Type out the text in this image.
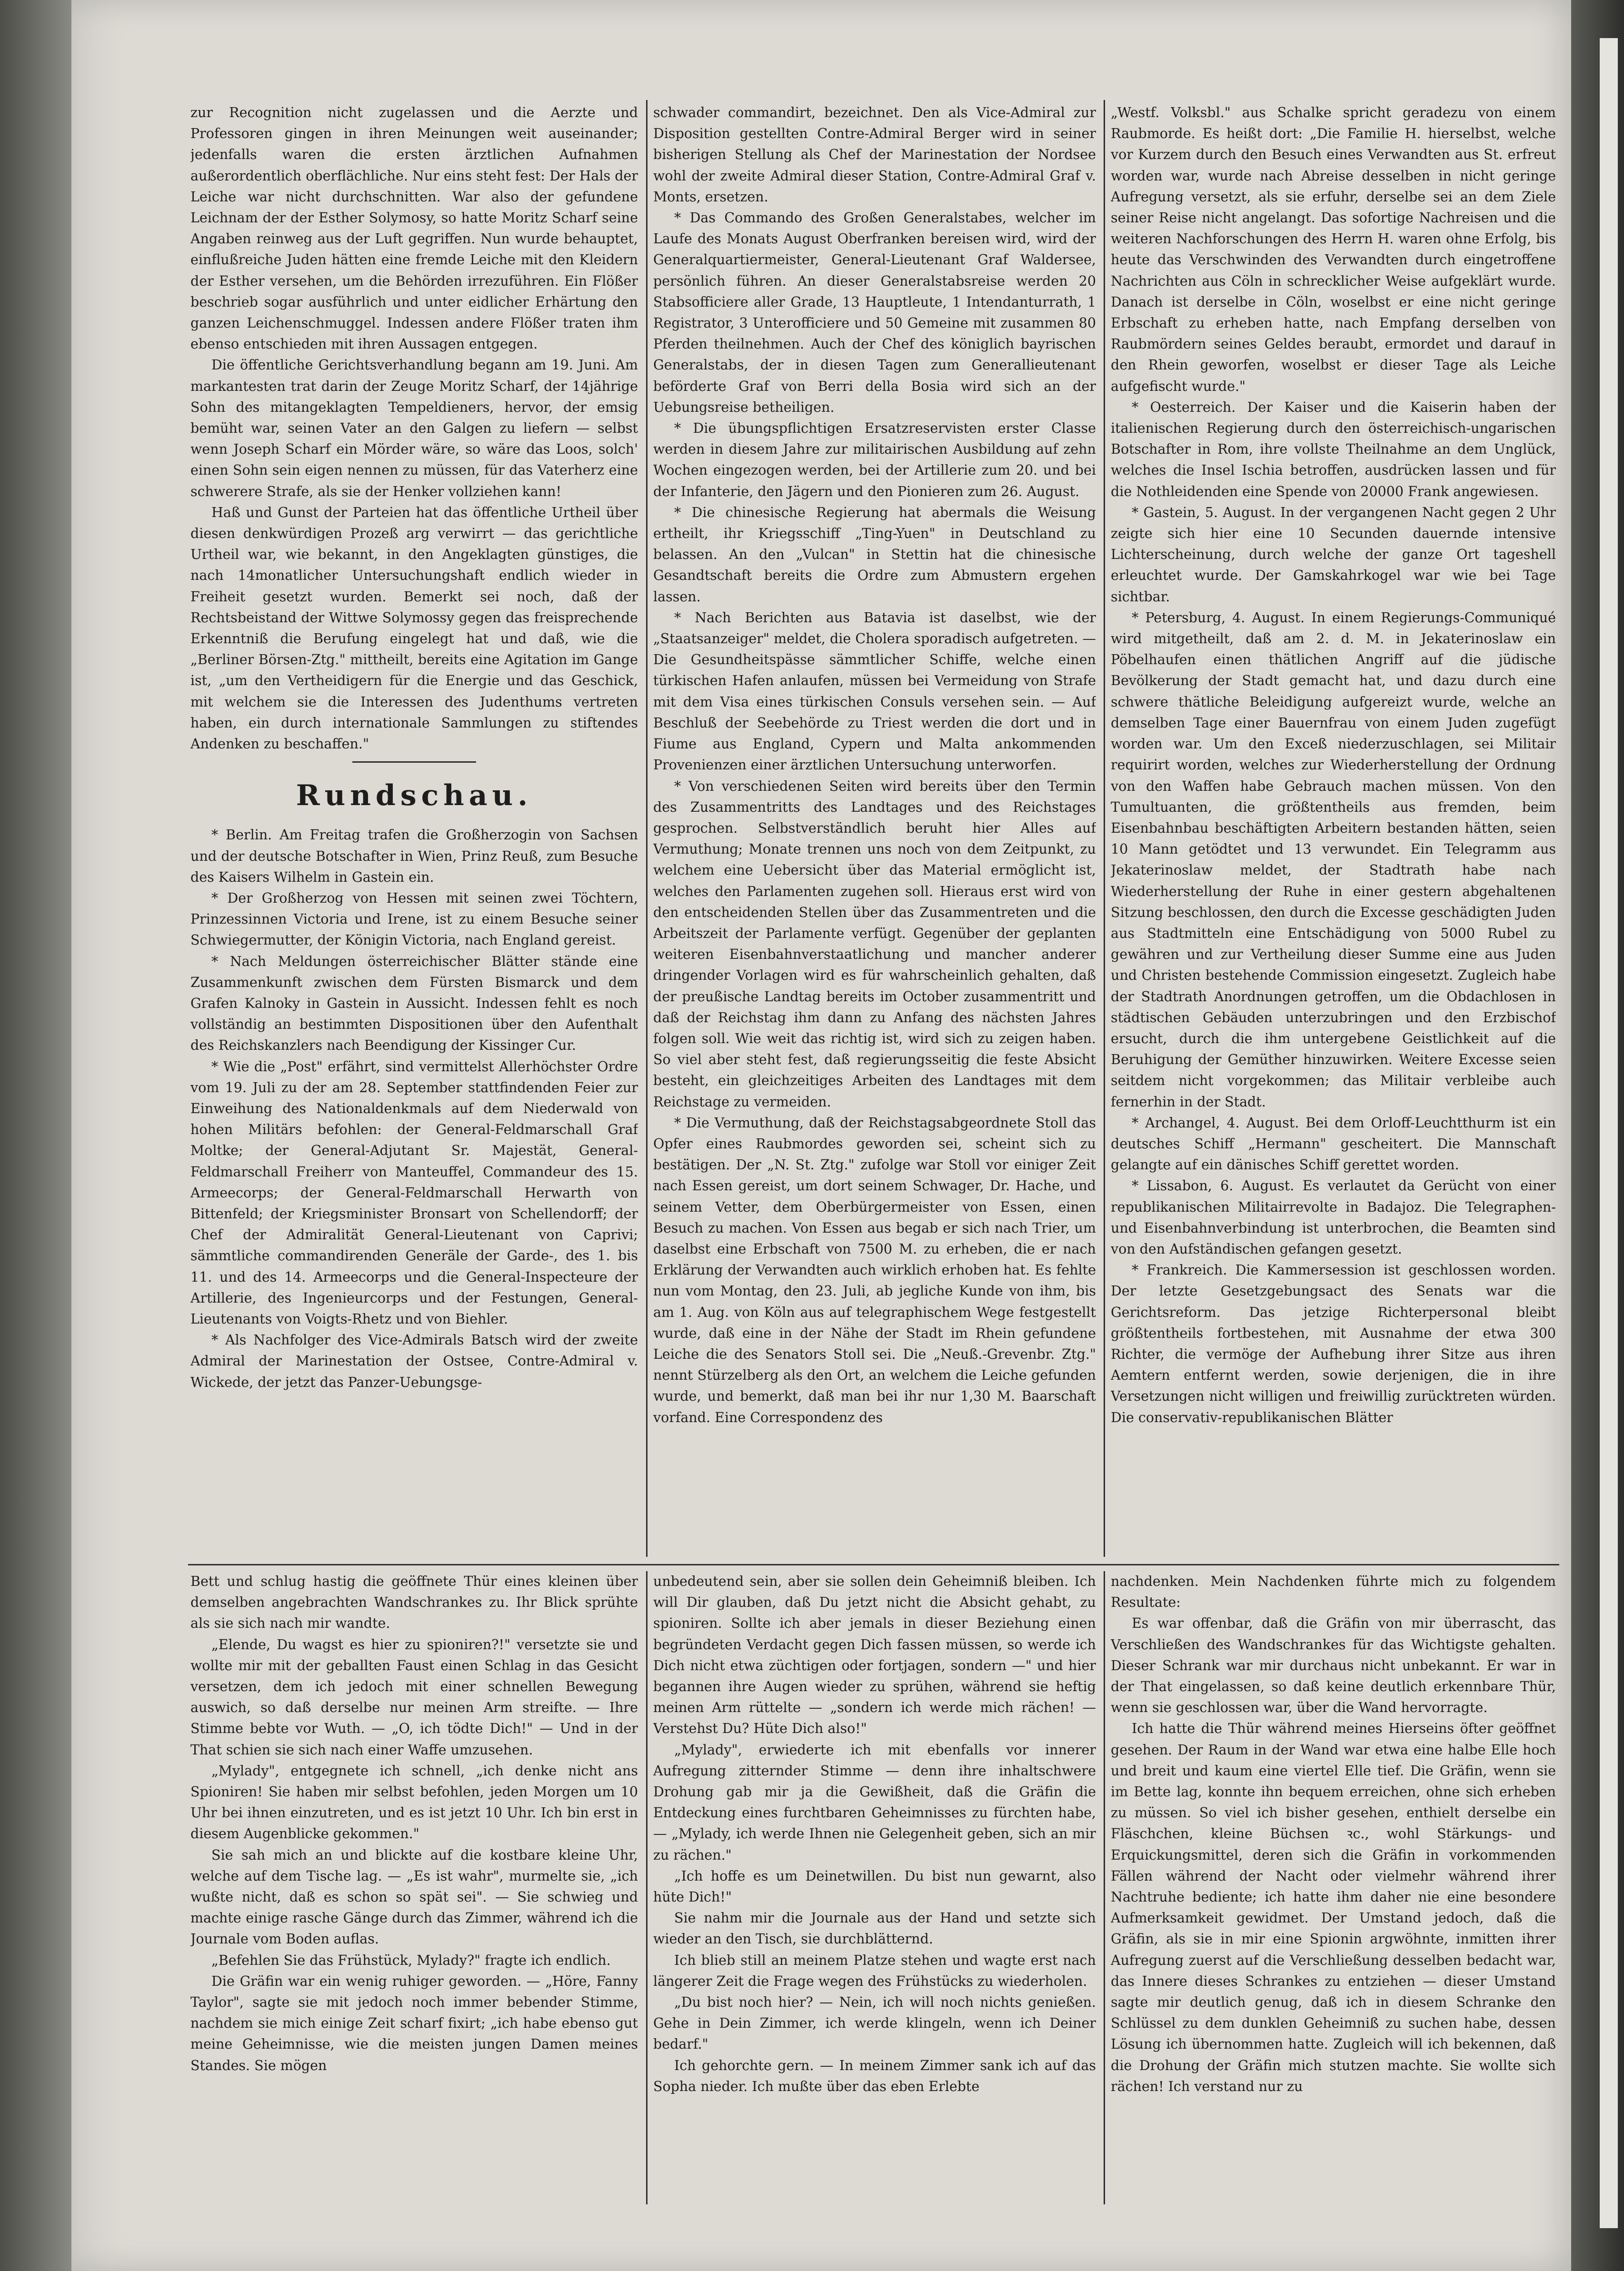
zur Recognition nicht zugelassen und die Aerzte und Professoren gingen in ihren Meinungen weit auseinander; jedenfalls waren die ersten ärztlichen Aufnahmen außerordentlich oberflächliche. Nur eins steht fest: Der Hals der Leiche war nicht durchschnitten. War also der gefundene Leichnam der der Esther Solymosy, so hatte Moritz Scharf seine Angaben reinweg aus der Luft gegriffen. Nun wurde behauptet, einflußreiche Juden hätten eine fremde Leiche mit den Kleidern der Esther versehen, um die Behörden irrezuführen. Ein Flößer beschrieb sogar ausführlich und unter eidlicher Erhärtung den ganzen Leichenschmuggel. Indessen andere Flößer traten ihm ebenso entschieden mit ihren Aussagen entgegen.

Die öffentliche Gerichtsverhandlung begann am 19. Juni. Am markantesten trat darin der Zeuge Moritz Scharf, der 14jährige Sohn des mitangeklagten Tempeldieners, hervor, der emsig bemüht war, seinen Vater an den Galgen zu liefern — selbst wenn Joseph Scharf ein Mörder wäre, so wäre das Loos, solch' einen Sohn sein eigen nennen zu müssen, für das Vaterherz eine schwerere Strafe, als sie der Henker vollziehen kann!

Haß und Gunst der Parteien hat das öffentliche Urtheil über diesen denkwürdigen Prozeß arg verwirrt — das gerichtliche Urtheil war, wie bekannt, in den Angeklagten günstiges, die nach 14monatlicher Untersuchungshaft endlich wieder in Freiheit gesetzt wurden. Bemerkt sei noch, daß der Rechtsbeistand der Wittwe Solymossy gegen das freisprechende Erkenntniß die Berufung eingelegt hat und daß, wie die „Berliner Börsen-Ztg." mittheilt, bereits eine Agitation im Gange ist, „um den Vertheidigern für die Energie und das Geschick, mit welchem sie die Interessen des Judenthums vertreten haben, ein durch internationale Sammlungen zu stiftendes Andenken zu beschaffen."

Rundschau.

* Berlin. Am Freitag trafen die Großherzogin von Sachsen und der deutsche Botschafter in Wien, Prinz Reuß, zum Besuche des Kaisers Wilhelm in Gastein ein.

* Der Großherzog von Hessen mit seinen zwei Töchtern, Prinzessinnen Victoria und Irene, ist zu einem Besuche seiner Schwiegermutter, der Königin Victoria, nach England gereist.

* Nach Meldungen österreichischer Blätter stände eine Zusammenkunft zwischen dem Fürsten Bismarck und dem Grafen Kalnoky in Gastein in Aussicht. Indessen fehlt es noch vollständig an bestimmten Dispositionen über den Aufenthalt des Reichskanzlers nach Beendigung der Kissinger Cur.

* Wie die „Post" erfährt, sind vermittelst Allerhöchster Ordre vom 19. Juli zu der am 28. September stattfindenden Feier zur Einweihung des Nationaldenkmals auf dem Niederwald von hohen Militärs befohlen: der General-Feldmarschall Graf Moltke; der General-Adjutant Sr. Majestät, General-Feldmarschall Freiherr von Manteuffel, Commandeur des 15. Armeecorps; der General-Feldmarschall Herwarth von Bittenfeld; der Kriegsminister Bronsart von Schellendorff; der Chef der Admiralität General-Lieutenant von Caprivi; sämmtliche commandirenden Generäle der Garde-, des 1. bis 11. und des 14. Armeecorps und die General-Inspecteure der Artillerie, des Ingenieurcorps und der Festungen, General-Lieutenants von Voigts-Rhetz und von Biehler.

* Als Nachfolger des Vice-Admirals Batsch wird der zweite Admiral der Marinestation der Ostsee, Contre-Admiral v. Wickede, der jetzt das Panzer-Uebungsge-

schwader commandirt, bezeichnet. Den als Vice-Admiral zur Disposition gestellten Contre-Admiral Berger wird in seiner bisherigen Stellung als Chef der Marinestation der Nordsee wohl der zweite Admiral dieser Station, Contre-Admiral Graf v. Monts, ersetzen.

* Das Commando des Großen Generalstabes, welcher im Laufe des Monats August Oberfranken bereisen wird, wird der Generalquartiermeister, General-Lieutenant Graf Waldersee, persönlich führen. An dieser Generalstabsreise werden 20 Stabsofficiere aller Grade, 13 Hauptleute, 1 Intendanturrath, 1 Registrator, 3 Unterofficiere und 50 Gemeine mit zusammen 80 Pferden theilnehmen. Auch der Chef des königlich bayrischen Generalstabs, der in diesen Tagen zum Generallieutenant beförderte Graf von Berri della Bosia wird sich an der Uebungsreise betheiligen.

* Die übungspflichtigen Ersatzreservisten erster Classe werden in diesem Jahre zur militairischen Ausbildung auf zehn Wochen eingezogen werden, bei der Artillerie zum 20. und bei der Infanterie, den Jägern und den Pionieren zum 26. August.

* Die chinesische Regierung hat abermals die Weisung ertheilt, ihr Kriegsschiff „Ting-Yuen" in Deutschland zu belassen. An den „Vulcan" in Stettin hat die chinesische Gesandtschaft bereits die Ordre zum Abmustern ergehen lassen.

* Nach Berichten aus Batavia ist daselbst, wie der „Staatsanzeiger" meldet, die Cholera sporadisch aufgetreten. — Die Gesundheitspässe sämmtlicher Schiffe, welche einen türkischen Hafen anlaufen, müssen bei Vermeidung von Strafe mit dem Visa eines türkischen Consuls versehen sein. — Auf Beschluß der Seebehörde zu Triest werden die dort und in Fiume aus England, Cypern und Malta ankommenden Provenienzen einer ärztlichen Untersuchung unterworfen.

* Von verschiedenen Seiten wird bereits über den Termin des Zusammentritts des Landtages und des Reichstages gesprochen. Selbstverständlich beruht hier Alles auf Vermuthung; Monate trennen uns noch von dem Zeitpunkt, zu welchem eine Uebersicht über das Material ermöglicht ist, welches den Parlamenten zugehen soll. Hieraus erst wird von den entscheidenden Stellen über das Zusammentreten und die Arbeitszeit der Parlamente verfügt. Gegenüber der geplanten weiteren Eisenbahnverstaatlichung und mancher anderer dringender Vorlagen wird es für wahrscheinlich gehalten, daß der preußische Landtag bereits im October zusammentritt und daß der Reichstag ihm dann zu Anfang des nächsten Jahres folgen soll. Wie weit das richtig ist, wird sich zu zeigen haben. So viel aber steht fest, daß regierungsseitig die feste Absicht besteht, ein gleichzeitiges Arbeiten des Landtages mit dem Reichstage zu vermeiden.

* Die Vermuthung, daß der Reichstagsabgeordnete Stoll das Opfer eines Raubmordes geworden sei, scheint sich zu bestätigen. Der „N. St. Ztg." zufolge war Stoll vor einiger Zeit nach Essen gereist, um dort seinem Schwager, Dr. Hache, und seinem Vetter, dem Oberbürgermeister von Essen, einen Besuch zu machen. Von Essen aus begab er sich nach Trier, um daselbst eine Erbschaft von 7500 M. zu erheben, die er nach Erklärung der Verwandten auch wirklich erhoben hat. Es fehlte nun vom Montag, den 23. Juli, ab jegliche Kunde von ihm, bis am 1. Aug. von Köln aus auf telegraphischem Wege festgestellt wurde, daß eine in der Nähe der Stadt im Rhein gefundene Leiche die des Senators Stoll sei. Die „Neuß.-Grevenbr. Ztg." nennt Stürzelberg als den Ort, an welchem die Leiche gefunden wurde, und bemerkt, daß man bei ihr nur 1,30 M. Baarschaft vorfand. Eine Correspondenz des

„Westf. Volksbl." aus Schalke spricht geradezu von einem Raubmorde. Es heißt dort: „Die Familie H. hierselbst, welche vor Kurzem durch den Besuch eines Verwandten aus St. erfreut worden war, wurde nach Abreise desselben in nicht geringe Aufregung versetzt, als sie erfuhr, derselbe sei an dem Ziele seiner Reise nicht angelangt. Das sofortige Nachreisen und die weiteren Nachforschungen des Herrn H. waren ohne Erfolg, bis heute das Verschwinden des Verwandten durch eingetroffene Nachrichten aus Cöln in schrecklicher Weise aufgeklärt wurde. Danach ist derselbe in Cöln, woselbst er eine nicht geringe Erbschaft zu erheben hatte, nach Empfang derselben von Raubmördern seines Geldes beraubt, ermordet und darauf in den Rhein geworfen, woselbst er dieser Tage als Leiche aufgefischt wurde."

* Oesterreich. Der Kaiser und die Kaiserin haben der italienischen Regierung durch den österreichisch-ungarischen Botschafter in Rom, ihre vollste Theilnahme an dem Unglück, welches die Insel Ischia betroffen, ausdrücken lassen und für die Nothleidenden eine Spende von 20000 Frank angewiesen.

* Gastein, 5. August. In der vergangenen Nacht gegen 2 Uhr zeigte sich hier eine 10 Secunden dauernde intensive Lichterscheinung, durch welche der ganze Ort tageshell erleuchtet wurde. Der Gamskahrkogel war wie bei Tage sichtbar.

* Petersburg, 4. August. In einem Regierungs-Communiqué wird mitgetheilt, daß am 2. d. M. in Jekaterinoslaw ein Pöbelhaufen einen thätlichen Angriff auf die jüdische Bevölkerung der Stadt gemacht hat, und dazu durch eine schwere thätliche Beleidigung aufgereizt wurde, welche an demselben Tage einer Bauernfrau von einem Juden zugefügt worden war. Um den Exceß niederzuschlagen, sei Militair requirirt worden, welches zur Wiederherstellung der Ordnung von den Waffen habe Gebrauch machen müssen. Von den Tumultuanten, die größtentheils aus fremden, beim Eisenbahnbau beschäftigten Arbeitern bestanden hätten, seien 10 Mann getödtet und 13 verwundet. Ein Telegramm aus Jekaterinoslaw meldet, der Stadtrath habe nach Wiederherstellung der Ruhe in einer gestern abgehaltenen Sitzung beschlossen, den durch die Excesse geschädigten Juden aus Stadtmitteln eine Entschädigung von 5000 Rubel zu gewähren und zur Vertheilung dieser Summe eine aus Juden und Christen bestehende Commission eingesetzt. Zugleich habe der Stadtrath Anordnungen getroffen, um die Obdachlosen in städtischen Gebäuden unterzubringen und den Erzbischof ersucht, durch die ihm untergebene Geistlichkeit auf die Beruhigung der Gemüther hinzuwirken. Weitere Excesse seien seitdem nicht vorgekommen; das Militair verbleibe auch fernerhin in der Stadt.

* Archangel, 4. August. Bei dem Orloff-Leuchtthurm ist ein deutsches Schiff „Hermann" gescheitert. Die Mannschaft gelangte auf ein dänisches Schiff gerettet worden.

* Lissabon, 6. August. Es verlautet da Gerücht von einer republikanischen Militairrevolte in Badajoz. Die Telegraphen- und Eisenbahnverbindung ist unterbrochen, die Beamten sind von den Aufständischen gefangen gesetzt.

* Frankreich. Die Kammersession ist geschlossen worden. Der letzte Gesetzgebungsact des Senats war die Gerichtsreform. Das jetzige Richterpersonal bleibt größtentheils fortbestehen, mit Ausnahme der etwa 300 Richter, die vermöge der Aufhebung ihrer Sitze aus ihren Aemtern entfernt werden, sowie derjenigen, die in ihre Versetzungen nicht willigen und freiwillig zurücktreten würden. Die conservativ-republikanischen Blätter

Bett und schlug hastig die geöffnete Thür eines kleinen über demselben angebrachten Wandschrankes zu. Ihr Blick sprühte als sie sich nach mir wandte.

„Elende, Du wagst es hier zu spioniren?!" versetzte sie und wollte mir mit der geballten Faust einen Schlag in das Gesicht versetzen, dem ich jedoch mit einer schnellen Bewegung auswich, so daß derselbe nur meinen Arm streifte. — Ihre Stimme bebte vor Wuth. — „O, ich tödte Dich!" — Und in der That schien sie sich nach einer Waffe umzusehen.

„Mylady", entgegnete ich schnell, „ich denke nicht ans Spioniren! Sie haben mir selbst befohlen, jeden Morgen um 10 Uhr bei ihnen einzutreten, und es ist jetzt 10 Uhr. Ich bin erst in diesem Augenblicke gekommen."

Sie sah mich an und blickte auf die kostbare kleine Uhr, welche auf dem Tische lag. — „Es ist wahr", murmelte sie, „ich wußte nicht, daß es schon so spät sei". — Sie schwieg und machte einige rasche Gänge durch das Zimmer, während ich die Journale vom Boden auflas.

„Befehlen Sie das Frühstück, Mylady?" fragte ich endlich.

Die Gräfin war ein wenig ruhiger geworden. — „Höre, Fanny Taylor", sagte sie mit jedoch noch immer bebender Stimme, nachdem sie mich einige Zeit scharf fixirt; „ich habe ebenso gut meine Geheimnisse, wie die meisten jungen Damen meines Standes. Sie mögen

unbedeutend sein, aber sie sollen dein Geheimniß bleiben. Ich will Dir glauben, daß Du jetzt nicht die Absicht gehabt, zu spioniren. Sollte ich aber jemals in dieser Beziehung einen begründeten Verdacht gegen Dich fassen müssen, so werde ich Dich nicht etwa züchtigen oder fortjagen, sondern —" und hier begannen ihre Augen wieder zu sprühen, während sie heftig meinen Arm rüttelte — „sondern ich werde mich rächen! — Verstehst Du? Hüte Dich also!"

„Mylady", erwiederte ich mit ebenfalls vor innerer Aufregung zitternder Stimme — denn ihre inhaltschwere Drohung gab mir ja die Gewißheit, daß die Gräfin die Entdeckung eines furchtbaren Geheimnisses zu fürchten habe, — „Mylady, ich werde Ihnen nie Gelegenheit geben, sich an mir zu rächen."

„Ich hoffe es um Deinetwillen. Du bist nun gewarnt, also hüte Dich!"

Sie nahm mir die Journale aus der Hand und setzte sich wieder an den Tisch, sie durchblätternd.

Ich blieb still an meinem Platze stehen und wagte erst nach längerer Zeit die Frage wegen des Frühstücks zu wiederholen.

„Du bist noch hier? — Nein, ich will noch nichts genießen. Gehe in Dein Zimmer, ich werde klingeln, wenn ich Deiner bedarf."

Ich gehorchte gern. — In meinem Zimmer sank ich auf das Sopha nieder. Ich mußte über das eben Erlebte

nachdenken. Mein Nachdenken führte mich zu folgendem Resultate:

Es war offenbar, daß die Gräfin von mir überrascht, das Verschließen des Wandschrankes für das Wichtigste gehalten. Dieser Schrank war mir durchaus nicht unbekannt. Er war in der That eingelassen, so daß keine deutlich erkennbare Thür, wenn sie geschlossen war, über die Wand hervorragte.

Ich hatte die Thür während meines Hierseins öfter geöffnet gesehen. Der Raum in der Wand war etwa eine halbe Elle hoch und breit und kaum eine viertel Elle tief. Die Gräfin, wenn sie im Bette lag, konnte ihn bequem erreichen, ohne sich erheben zu müssen. So viel ich bisher gesehen, enthielt derselbe ein Fläschchen, kleine Büchsen ꝛc., wohl Stärkungs- und Erquickungsmittel, deren sich die Gräfin in vorkommenden Fällen während der Nacht oder vielmehr während ihrer Nachtruhe bediente; ich hatte ihm daher nie eine besondere Aufmerksamkeit gewidmet. Der Umstand jedoch, daß die Gräfin, als sie in mir eine Spionin argwöhnte, inmitten ihrer Aufregung zuerst auf die Verschließung desselben bedacht war, das Innere dieses Schrankes zu entziehen — dieser Umstand sagte mir deutlich genug, daß ich in diesem Schranke den Schlüssel zu dem dunklen Geheimniß zu suchen habe, dessen Lösung ich übernommen hatte. Zugleich will ich bekennen, daß die Drohung der Gräfin mich stutzen machte. Sie wollte sich rächen! Ich verstand nur zu
